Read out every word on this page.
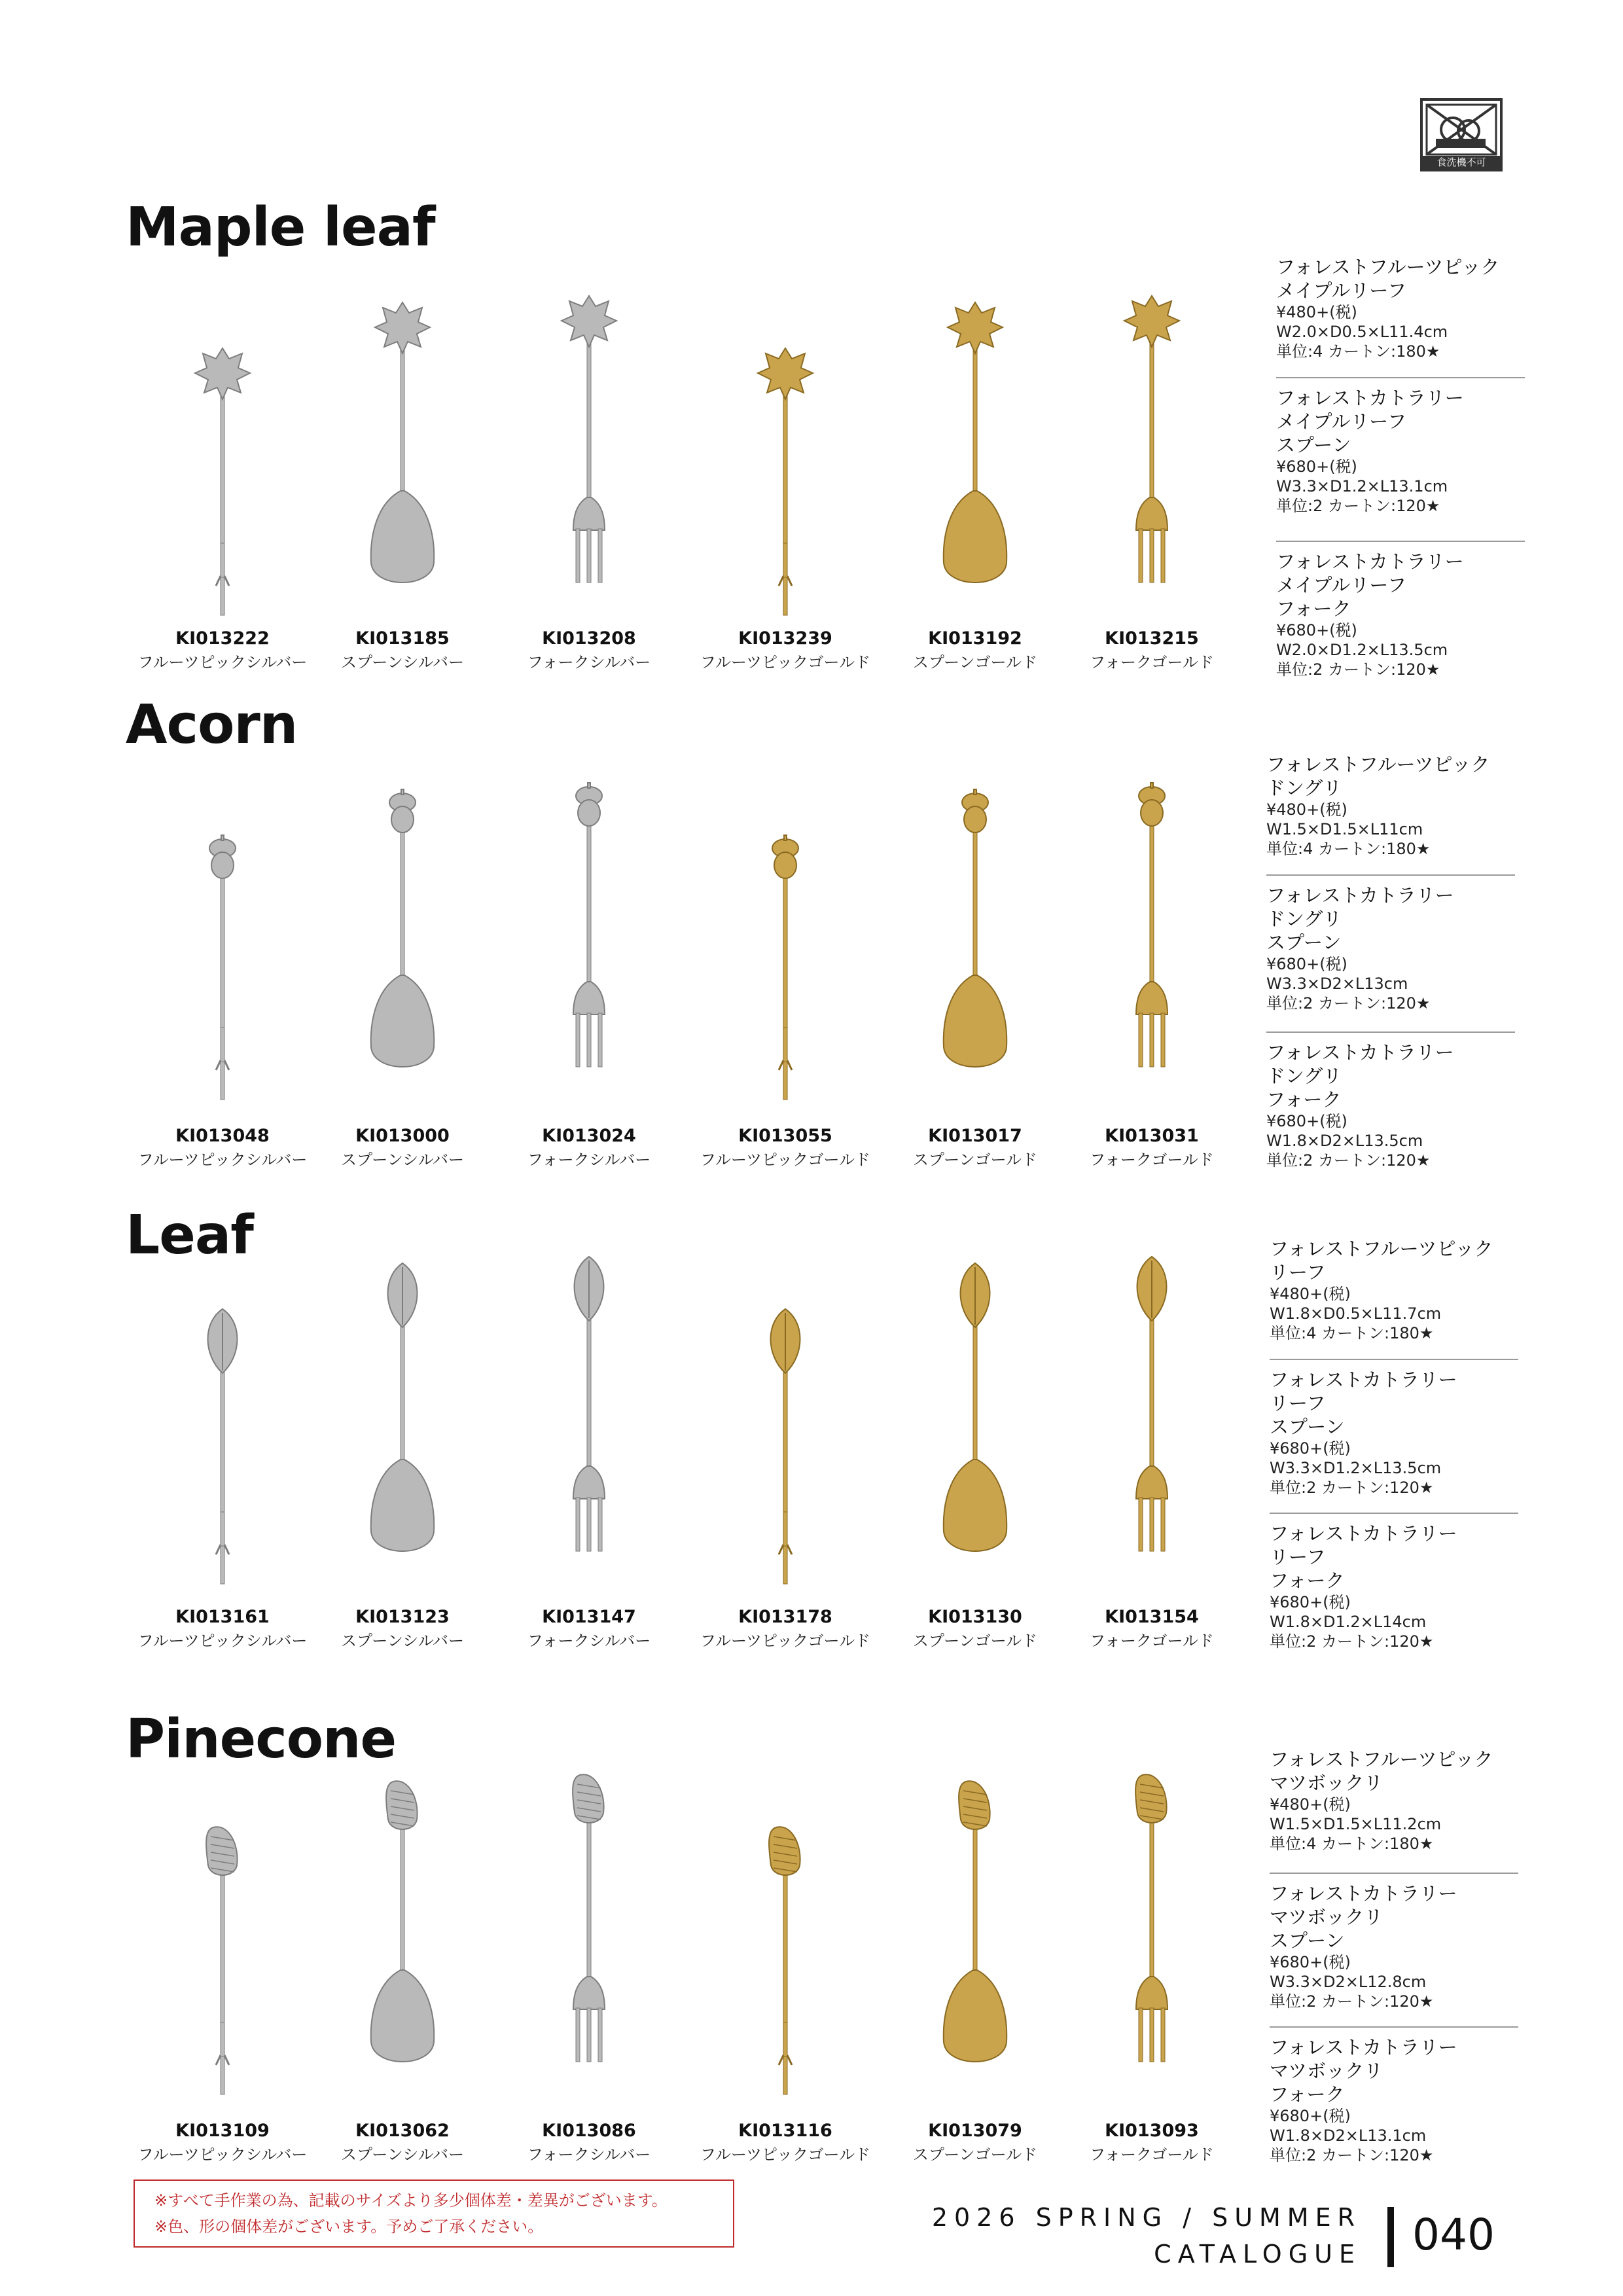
食洗機不可
Maple leaf
Acorn
Leaf
Pinecone
KI013222
フルーツピックシルバー
KI013185
スプーンシルバー
KI013208
フォークシルバー
KI013239
フルーツピックゴールド
KI013192
スプーンゴールド
KI013215
フォークゴールド
KI013048
フルーツピックシルバー
KI013000
スプーンシルバー
KI013024
フォークシルバー
KI013055
フルーツピックゴールド
KI013017
スプーンゴールド
KI013031
フォークゴールド
KI013161
フルーツピックシルバー
KI013123
スプーンシルバー
KI013147
フォークシルバー
KI013178
フルーツピックゴールド
KI013130
スプーンゴールド
KI013154
フォークゴールド
KI013109
フルーツピックシルバー
KI013062
スプーンシルバー
KI013086
フォークシルバー
KI013116
フルーツピックゴールド
KI013079
スプーンゴールド
KI013093
フォークゴールド
フォレストフルーツピック
メイプルリーフ
¥480+(税)
W2.0×D0.5×L11.4cm
単位:4 カートン:180★
フォレストカトラリー
メイプルリーフ
スプーン
¥680+(税)
W3.3×D1.2×L13.1cm
単位:2 カートン:120★
フォレストカトラリー
メイプルリーフ
フォーク
¥680+(税)
W2.0×D1.2×L13.5cm
単位:2 カートン:120★
フォレストフルーツピック
ドングリ
¥480+(税)
W1.5×D1.5×L11cm
単位:4 カートン:180★
フォレストカトラリー
ドングリ
スプーン
¥680+(税)
W3.3×D2×L13cm
単位:2 カートン:120★
フォレストカトラリー
ドングリ
フォーク
¥680+(税)
W1.8×D2×L13.5cm
単位:2 カートン:120★
フォレストフルーツピック
リーフ
¥480+(税)
W1.8×D0.5×L11.7cm
単位:4 カートン:180★
フォレストカトラリー
リーフ
スプーン
¥680+(税)
W3.3×D1.2×L13.5cm
単位:2 カートン:120★
フォレストカトラリー
リーフ
フォーク
¥680+(税)
W1.8×D1.2×L14cm
単位:2 カートン:120★
フォレストフルーツピック
マツボックリ
¥480+(税)
W1.5×D1.5×L11.2cm
単位:4 カートン:180★
フォレストカトラリー
マツボックリ
スプーン
¥680+(税)
W3.3×D2×L12.8cm
単位:2 カートン:120★
フォレストカトラリー
マツボックリ
フォーク
¥680+(税)
W1.8×D2×L13.1cm
単位:2 カートン:120★
※すべて手作業の為、記載のサイズより多少個体差・差異がございます。
※色、形の個体差がございます。予めご了承ください。	2026 SPRING / SUMMER
CATALOGUE 040
